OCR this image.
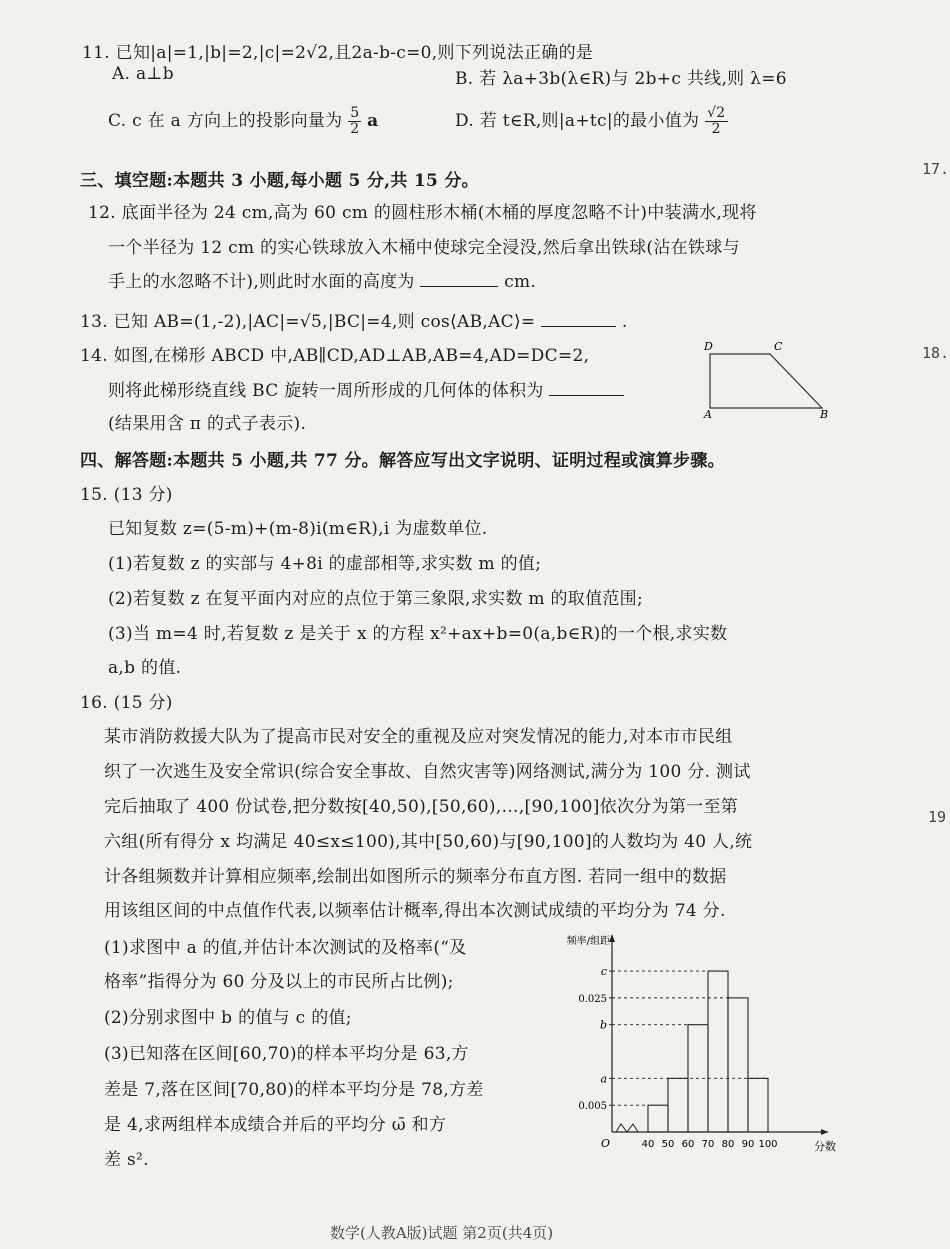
11. 已知|a|=1,|b|=2,|c|=2√2,且2a-b-c=0,则下列说法正确的是
A. a⊥b	B. 若 λa+3b(λ∈R)与 2b+c 共线,则 λ=6
C. c 在 a 方向上的投影向量为 $\frac{5}{2}$ a	D. 若 t∈R,则|a+tc|的最小值为 $\frac{√2}{2}$
三、填空题:本题共 3 小题,每小题 5 分,共 15 分。
12. 底面半径为 24 cm,高为 60 cm 的圆柱形木桶(木桶的厚度忽略不计)中装满水,现将
一个半径为 12 cm 的实心铁球放入木桶中使球完全浸没,然后拿出铁球(沾在铁球与
手上的水忽略不计),则此时水面的高度为	cm.
13. 已知 AB=(1,-2),|AC|=√5,|BC|=4,则 cos⟨AB,AC⟩=	.
14. 如图,在梯形 ABCD 中,AB∥CD,AD⊥AB,AB=4,AD=DC=2,
则将此梯形绕直线 BC 旋转一周所形成的几何体的体积为
(结果用含 π 的式子表示).
D	C
A	B
四、解答题:本题共 5 小题,共 77 分。解答应写出文字说明、证明过程或演算步骤。
15. (13 分)
已知复数 z=(5-m)+(m-8)i(m∈R),i 为虚数单位.
(1)若复数 z 的实部与 4+8i 的虚部相等,求实数 m 的值;
(2)若复数 z 在复平面内对应的点位于第三象限,求实数 m 的取值范围;
(3)当 m=4 时,若复数 z 是关于 x 的方程 x²+ax+b=0(a,b∈R)的一个根,求实数
a,b 的值.
16. (15 分)
某市消防救援大队为了提高市民对安全的重视及应对突发情况的能力,对本市市民组
织了一次逃生及安全常识(综合安全事故、自然灾害等)网络测试,满分为 100 分. 测试
完后抽取了 400 份试卷,把分数按[40,50),[50,60),…,[90,100]依次分为第一至第
六组(所有得分 x 均满足 40≤x≤100),其中[50,60)与[90,100]的人数均为 40 人,统
计各组频数并计算相应频率,绘制出如图所示的频率分布直方图. 若同一组中的数据
用该组区间的中点值作代表,以频率估计概率,得出本次测试成绩的平均分为 74 分.
(1)求图中 a 的值,并估计本次测试的及格率(“及
格率”指得分为 60 分及以上的市民所占比例);
(2)分别求图中 b 的值与 c 的值;
(3)已知落在区间[60,70)的样本平均分是 63,方
差是 7,落在区间[70,80)的样本平均分是 78,方差
是 4,求两组样本成绩合并后的平均分 ω̄ 和方
差 s².
c
0.025
b
a
0.005
40 50 60 70 80 90 100
O
频率/组距
分数
17.
18.
19
数学(人教A版)试题 第2页(共4页)
